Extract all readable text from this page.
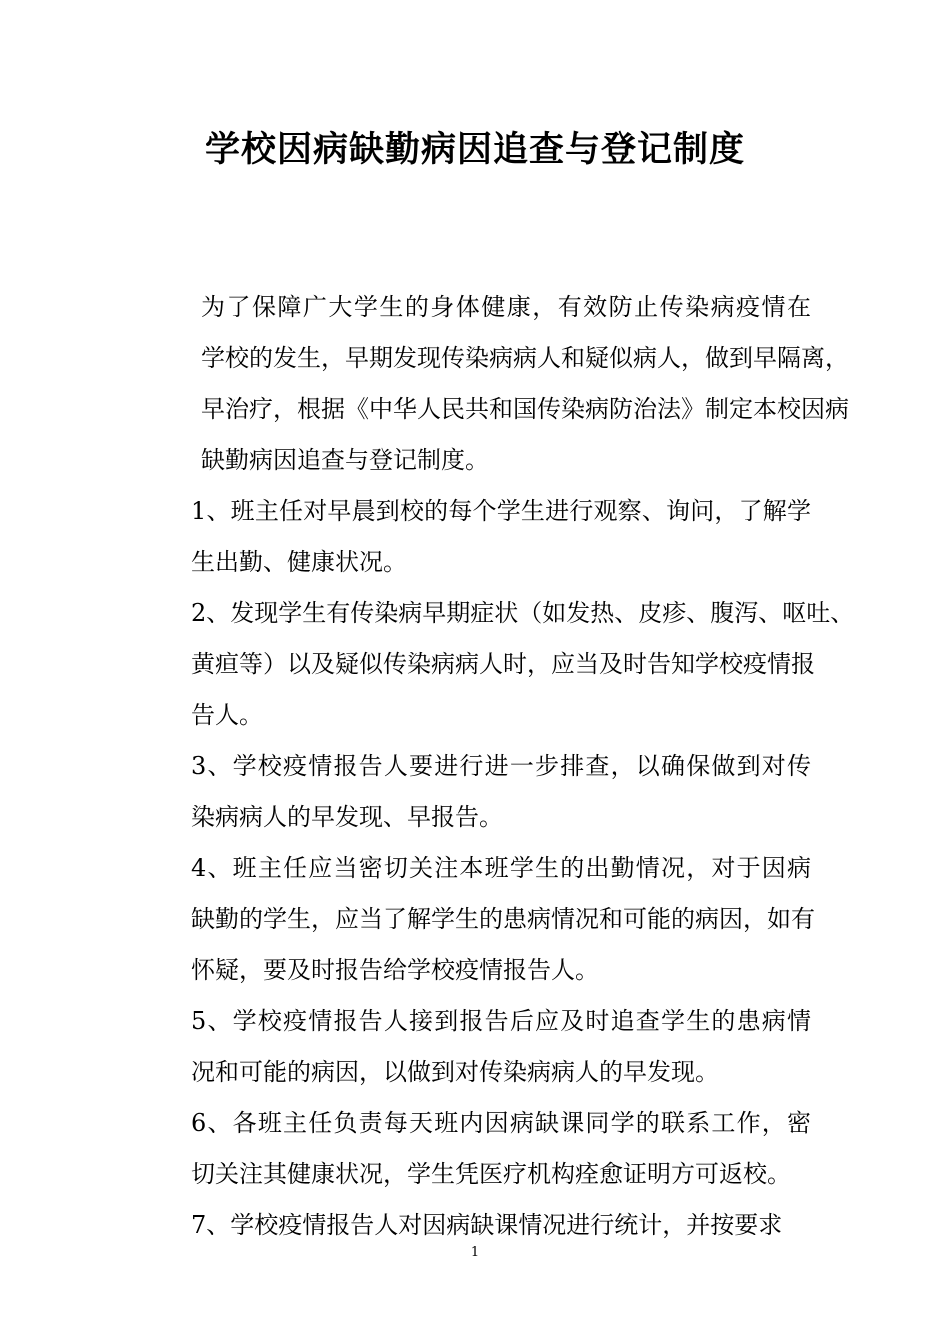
学校因病缺勤病因追查与登记制度

为了保障广大学生的身体健康，有效防止传染病疫情在
学校的发生，早期发现传染病病人和疑似病人，做到早隔离，
早治疗，根据《中华人民共和国传染病防治法》制定本校因病
缺勤病因追查与登记制度。

1、班主任对早晨到校的每个学生进行观察、询问，了解学
生出勤、健康状况。

2、发现学生有传染病早期症状（如发热、皮疹、腹泻、呕吐、
黄疸等）以及疑似传染病病人时，应当及时告知学校疫情报
告人。

3、学校疫情报告人要进行进一步排查，以确保做到对传
染病病人的早发现、早报告。

4、班主任应当密切关注本班学生的出勤情况，对于因病
缺勤的学生，应当了解学生的患病情况和可能的病因，如有
怀疑，要及时报告给学校疫情报告人。

5、学校疫情报告人接到报告后应及时追查学生的患病情
况和可能的病因，以做到对传染病病人的早发现。

6、各班主任负责每天班内因病缺课同学的联系工作，密
切关注其健康状况，学生凭医疗机构痊愈证明方可返校。

7、学校疫情报告人对因病缺课情况进行统计，并按要求

1
